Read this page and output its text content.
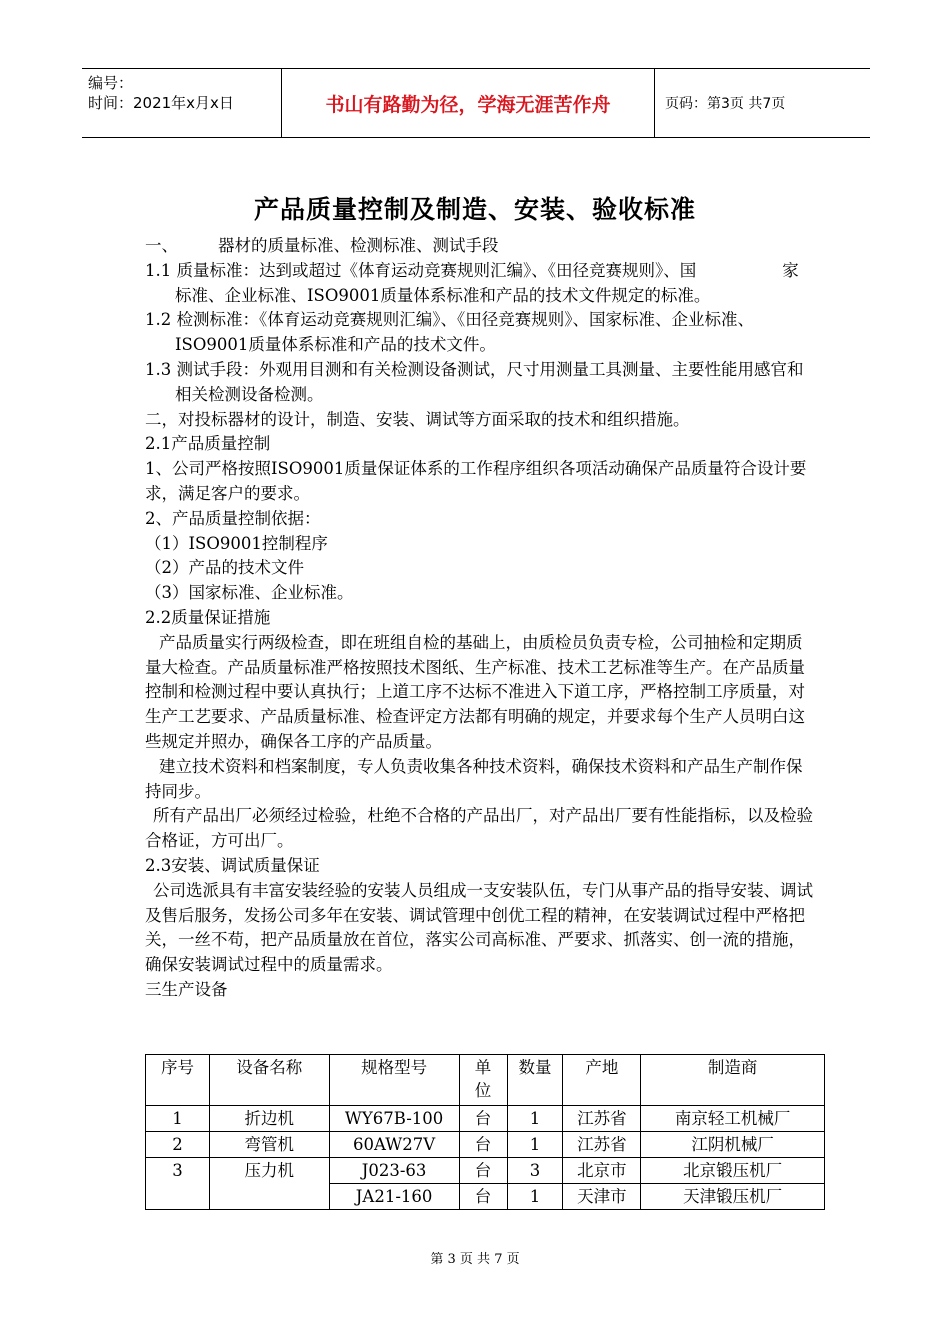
编号：
时间：2021年x月x日	书山有路勤为径，学海无涯苦作舟	页码：第3页 共7页
产品质量控制及制造、安装、验收标准

一、 器材的质量标准、检测标准、测试手段

1.1 质量标准：达到或超过《体育运动竞赛规则汇编》、《田径竞赛规则》、国	家标准、企业标准、ISO9001质量体系标准和产品的技术文件规定的标准。

1.2 检测标准：《体育运动竞赛规则汇编》、《田径竞赛规则》、国家标准、企业标准、ISO9001质量体系标准和产品的技术文件。

1.3 测试手段：外观用目测和有关检测设备测试，尺寸用测量工具测量、主要性能用感官和相关检测设备检测。

二，对投标器材的设计，制造、安装、调试等方面采取的技术和组织措施。

2.1产品质量控制

1、公司严格按照ISO9001质量保证体系的工作程序组织各项活动确保产品质量符合设计要求，满足客户的要求。

2、产品质量控制依据：

（1）ISO9001控制程序

（2）产品的技术文件

（3）国家标准、企业标准。

2.2质量保证措施

产品质量实行两级检查，即在班组自检的基础上，由质检员负责专检，公司抽检和定期质量大检查。产品质量标准严格按照技术图纸、生产标准、技术工艺标准等生产。在产品质量控制和检测过程中要认真执行；上道工序不达标不准进入下道工序，严格控制工序质量，对生产工艺要求、产品质量标准、检查评定方法都有明确的规定，并要求每个生产人员明白这些规定并照办，确保各工序的产品质量。

建立技术资料和档案制度，专人负责收集各种技术资料，确保技术资料和产品生产制作保持同步。

所有产品出厂必须经过检验，杜绝不合格的产品出厂，对产品出厂要有性能指标，以及检验合格证，方可出厂。

2.3安装、调试质量保证

公司选派具有丰富安装经验的安装人员组成一支安装队伍，专门从事产品的指导安装、调试及售后服务，发扬公司多年在安装、调试管理中创优工程的精神，在安装调试过程中严格把关，一丝不苟，把产品质量放在首位，落实公司高标准、严要求、抓落实、创一流的措施，确保安装调试过程中的质量需求。

三生产设备

序号	设备名称	规格型号	单位	数量	产地	制造商
1	折边机	WY67B-100	台	1	江苏省	南京轻工机械厂
2	弯管机	60AW27V	台	1	江苏省	江阴机械厂
3	压力机	J023-63	台	3	北京市	北京锻压机厂
		JA21-160	台	1	天津市	天津锻压机厂
第 3 页 共 7 页
